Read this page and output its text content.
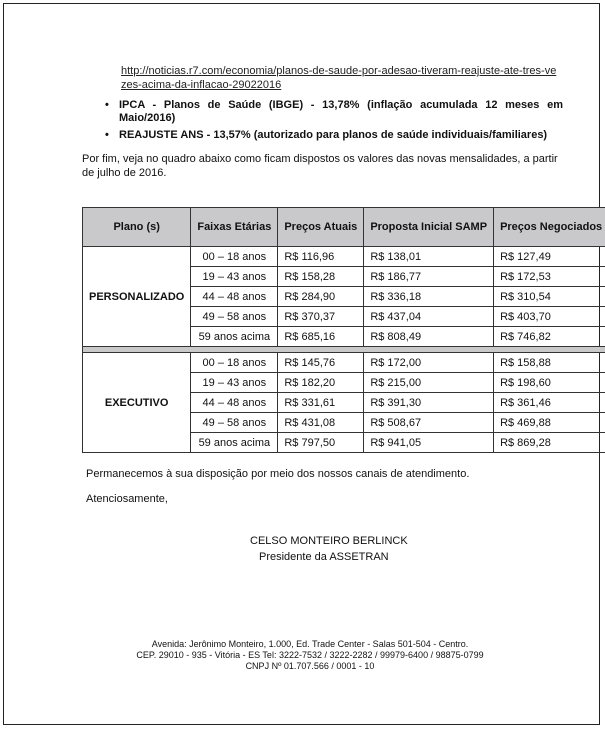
http://noticias.r7.com/economia/planos-de-saude-por-adesao-tiveram-reajuste-ate-tres-vezes-acima-da-inflacao-29022016
• IPCA - Planos de Saúde (IBGE) - 13,78% (inflação acumulada 12 meses em Maio/2016)
• REAJUSTE ANS - 13,57% (autorizado para planos de saúde individuais/familiares)
Por fim, veja no quadro abaixo como ficam dispostos os valores das novas mensalidades, a partir de julho de 2016.
Plano (s)	Faixas Etárias	Preços Atuais	Proposta Inicial SAMP	Preços Negociados
PERSONALIZADO	00 – 18 anos	R$ 116,96	R$ 138,01	R$ 127,49
	19 – 43 anos	R$ 158,28	R$ 186,77	R$ 172,53
	44 – 48 anos	R$ 284,90	R$ 336,18	R$ 310,54
	49 – 58 anos	R$ 370,37	R$ 437,04	R$ 403,70
	59 anos acima	R$ 685,16	R$ 808,49	R$ 746,82

EXECUTIVO	00 – 18 anos	R$ 145,76	R$ 172,00	R$ 158,88
	19 – 43 anos	R$ 182,20	R$ 215,00	R$ 198,60
	44 – 48 anos	R$ 331,61	R$ 391,30	R$ 361,46
	49 – 58 anos	R$ 431,08	R$ 508,67	R$ 469,88
	59 anos acima	R$ 797,50	R$ 941,05	R$ 869,28
Permanecemos à sua disposição por meio dos nossos canais de atendimento.
Atenciosamente,
CELSO MONTEIRO BERLINCK
Presidente da ASSETRAN
Avenida: Jerônimo Monteiro, 1.000, Ed. Trade Center - Salas 501-504 - Centro.
CEP. 29010 - 935 - Vitória - ES Tel: 3222-7532 / 3222-2282 / 99979-6400 / 98875-0799
CNPJ Nº 01.707.566 / 0001 - 10
